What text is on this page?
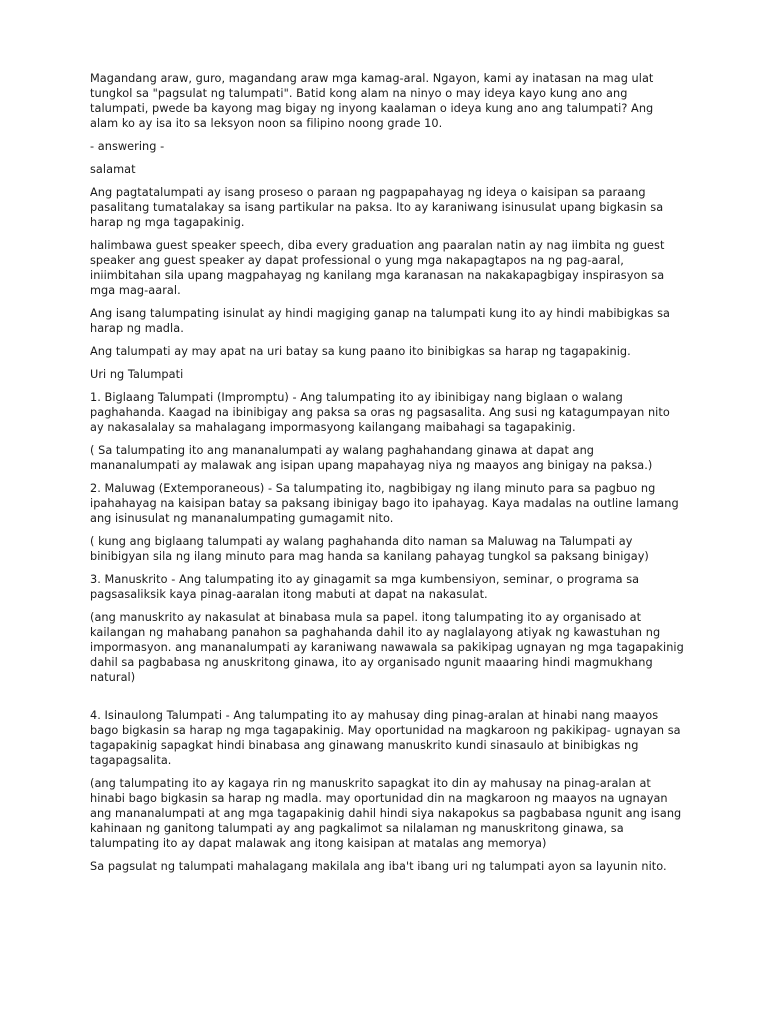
Magandang araw, guro, magandang araw mga kamag-aral. Ngayon, kami ay inatasan na mag ulat tungkol sa "pagsulat ng talumpati". Batid kong alam na ninyo o may ideya kayo kung ano ang talumpati, pwede ba kayong mag bigay ng inyong kaalaman o ideya kung ano ang talumpati? Ang alam ko ay isa ito sa leksyon noon sa filipino noong grade 10.

- answering -

salamat

Ang pagtatalumpati ay isang proseso o paraan ng pagpapahayag ng ideya o kaisipan sa paraang pasalitang tumatalakay sa isang partikular na paksa. Ito ay karaniwang isinusulat upang bigkasin sa harap ng mga tagapakinig.

halimbawa guest speaker speech, diba every graduation ang paaralan natin ay nag iimbita ng guest speaker ang guest speaker ay dapat professional o yung mga nakapagtapos na ng pag-aaral, iniimbitahan sila upang magpahayag ng kanilang mga karanasan na nakakapagbigay inspirasyon sa mga mag-aaral.

Ang isang talumpating isinulat ay hindi magiging ganap na talumpati kung ito ay hindi mabibigkas sa harap ng madla.

Ang talumpati ay may apat na uri batay sa kung paano ito binibigkas sa harap ng tagapakinig.

Uri ng Talumpati

1. Biglaang Talumpati (Impromptu) - Ang talumpating ito ay ibinibigay nang biglaan o walang paghahanda. Kaagad na ibinibigay ang paksa sa oras ng pagsasalita. Ang susi ng katagumpayan nito ay nakasalalay sa mahalagang impormasyong kailangang maibahagi sa tagapakinig.

( Sa talumpating ito ang mananalumpati ay walang paghahandang ginawa at dapat ang mananalumpati ay malawak ang isipan upang mapahayag niya ng maayos ang binigay na paksa.)

2. Maluwag (Extemporaneous) - Sa talumpating ito, nagbibigay ng ilang minuto para sa pagbuo ng ipahahayag na kaisipan batay sa paksang ibinigay bago ito ipahayag. Kaya madalas na outline lamang ang isinusulat ng mananalumpating gumagamit nito.

( kung ang biglaang talumpati ay walang paghahanda dito naman sa Maluwag na Talumpati ay binibigyan sila ng ilang minuto para mag handa sa kanilang pahayag tungkol sa paksang binigay)

3. Manuskrito - Ang talumpating ito ay ginagamit sa mga kumbensiyon, seminar, o programa sa pagsasaliksik kaya pinag-aaralan itong mabuti at dapat na nakasulat.

(ang manuskrito ay nakasulat at binabasa mula sa papel. itong talumpating ito ay organisado at kailangan ng mahabang panahon sa paghahanda dahil ito ay naglalayong atiyak ng kawastuhan ng impormasyon. ang mananalumpati ay karaniwang nawawala sa pakikipag ugnayan ng mga tagapakinig dahil sa pagbabasa ng anuskritong ginawa, ito ay organisado ngunit maaaring hindi magmukhang natural)

4. Isinaulong Talumpati - Ang talumpating ito ay mahusay ding pinag-aralan at hinabi nang maayos bago bigkasin sa harap ng mga tagapakinig. May oportunidad na magkaroon ng pakikipag- ugnayan sa tagapakinig sapagkat hindi binabasa ang ginawang manuskrito kundi sinasaulo at binibigkas ng tagapagsalita.

(ang talumpating ito ay kagaya rin ng manuskrito sapagkat ito din ay mahusay na pinag-aralan at hinabi bago bigkasin sa harap ng madla. may oportunidad din na magkaroon ng maayos na ugnayan ang mananalumpati at ang mga tagapakinig dahil hindi siya nakapokus sa pagbabasa ngunit ang isang kahinaan ng ganitong talumpati ay ang pagkalimot sa nilalaman ng manuskritong ginawa, sa talumpating ito ay dapat malawak ang itong kaisipan at matalas ang memorya)

Sa pagsulat ng talumpati mahalagang makilala ang iba't ibang uri ng talumpati ayon sa layunin nito.
